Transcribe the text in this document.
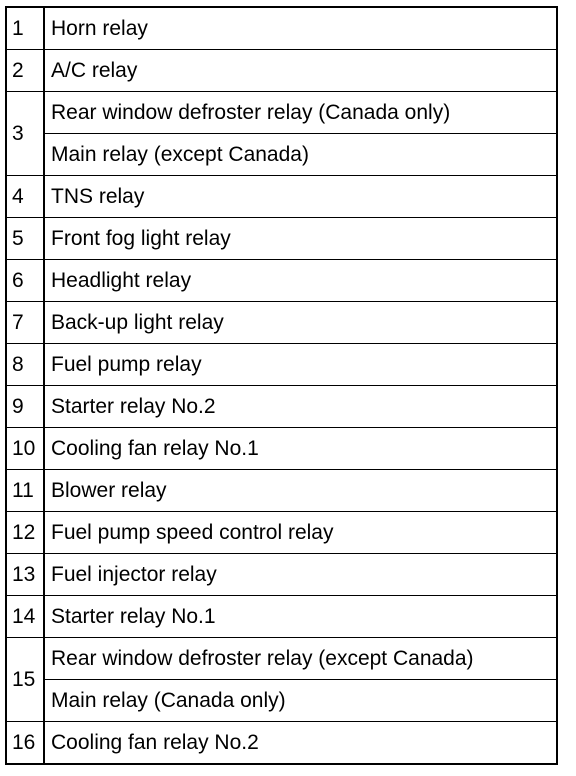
1	Horn relay
2	A/C relay
3	Rear window defroster relay (Canada only)
	Main relay (except Canada)
4	TNS relay
5	Front fog light relay
6	Headlight relay
7	Back-up light relay
8	Fuel pump relay
9	Starter relay No.2
10	Cooling fan relay No.1
11	Blower relay
12	Fuel pump speed control relay
13	Fuel injector relay
14	Starter relay No.1
15	Rear window defroster relay (except Canada)
	Main relay (Canada only)
16	Cooling fan relay No.2
